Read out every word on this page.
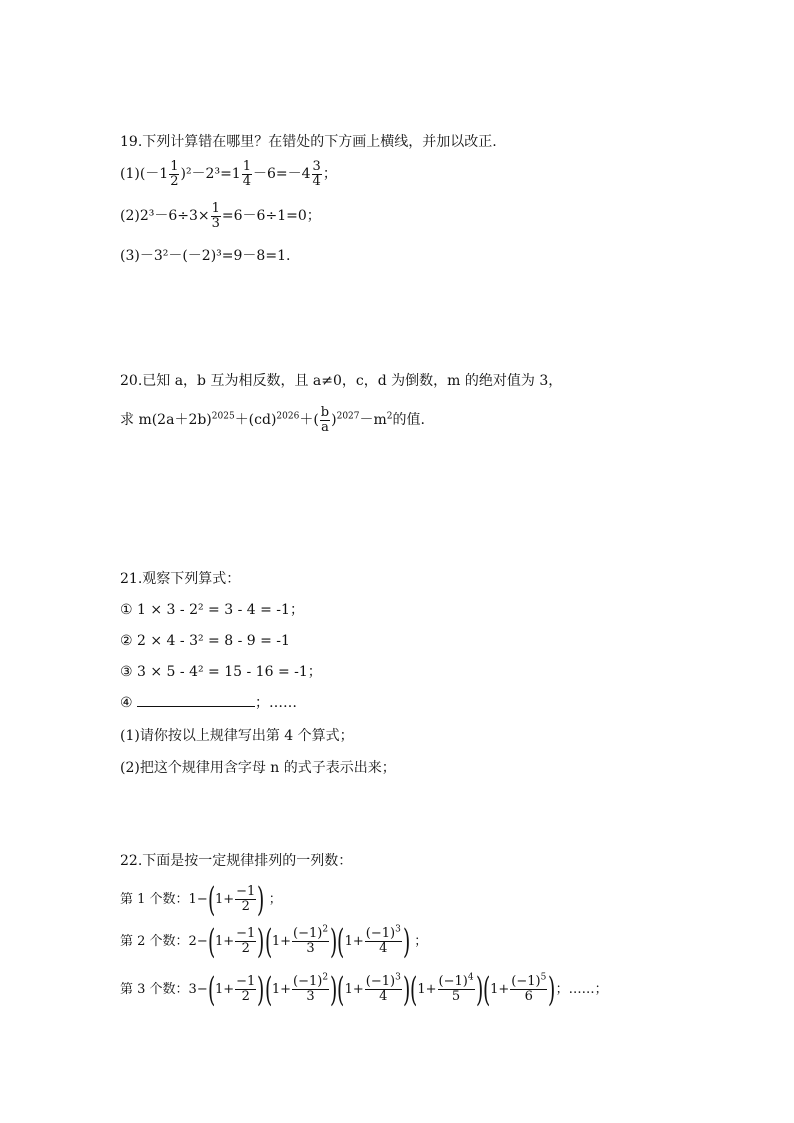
19.下列计算错在哪里？在错处的下方画上横线，并加以改正.
$(1)(-1 \frac{1}{2} )^2-2^3=1 \frac{1}{4} -6=-4 \frac{3}{4}$ ；
$(2)2^3-6\div 3\times \frac{1}{3} =6-6\div 1=0$；
(3)－3²－(－2)³=9－8=1.
20.已知 a，b 互为相反数，且 a≠0，c，d 为倒数，m 的绝对值为 3，
求 $m(2a+2b)^{2025}+(cd)^{2026}+( \frac{b}{a} )^{2027}-m^2$的值.
21.观察下列算式：
① 1 × 3 - 2² = 3 - 4 = -1；
② 2 × 4 - 3² = 8 - 9 = -1
③ 3 × 5 - 4² = 15 - 16 = -1；
④	；……
(1)请你按以上规律写出第 4 个算式；
(2)把这个规律用含字母 n 的式子表示出来；
22.下面是按一定规律排列的一列数：
第 1 个数：$1-(1+ \frac{-1}{2}$ ) ；
第 2 个数：$2-(1+ \frac{-1}{2} )(1+ \frac{(-1)^2}{3} )(1+ \frac{(-1)^3}{4}$ ) ；
第 3 个数：$3-(1+ \frac{-1}{2} )(1+ \frac{(-1)^2}{3} )(1+ \frac{(-1)^3}{4} )(1+ \frac{(-1)^4}{5} )(1+ \frac{(-1)^5}{6}$ )；……；
